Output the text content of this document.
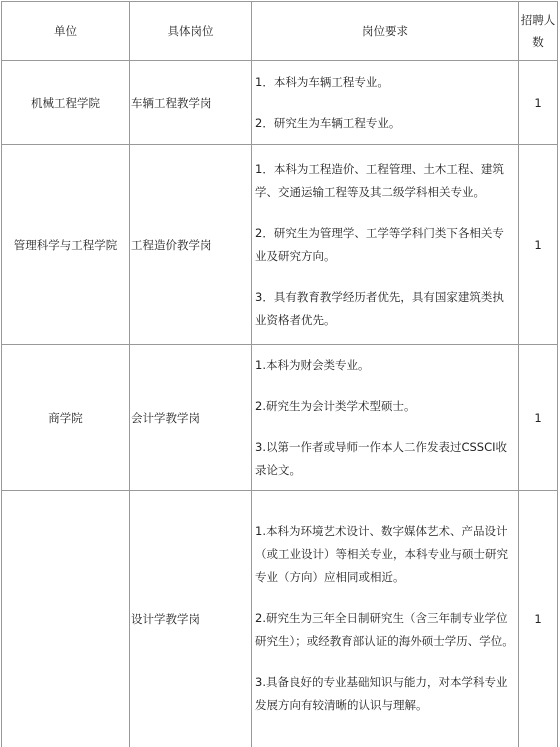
单位	具体岗位	岗位要求	招聘人数
机械工程学院	车辆工程教学岗	1．本科为车辆工程专业。

2．研究生为车辆工程专业。	1
管理科学与工程学院	工程造价教学岗	1．本科为工程造价、工程管理、土木工程、建筑学、交通运输工程等及其二级学科相关专业。

2．研究生为管理学、工学等学科门类下各相关专业及研究方向。

3．具有教育教学经历者优先，具有国家建筑类执业资格者优先。	1
商学院	会计学教学岗	1.本科为财会类专业。

2.研究生为会计类学术型硕士。

3.以第一作者或导师一作本人二作发表过CSSCI收录论文。	1
	设计学教学岗	1.本科为环境艺术设计、数字媒体艺术、产品设计（或工业设计）等相关专业，本科专业与硕士研究专业（方向）应相同或相近。

2.研究生为三年全日制研究生（含三年制专业学位研究生）；或经教育部认证的海外硕士学历、学位。

3.具备良好的专业基础知识与能力，对本学科专业发展方向有较清晰的认识与理解。	1
